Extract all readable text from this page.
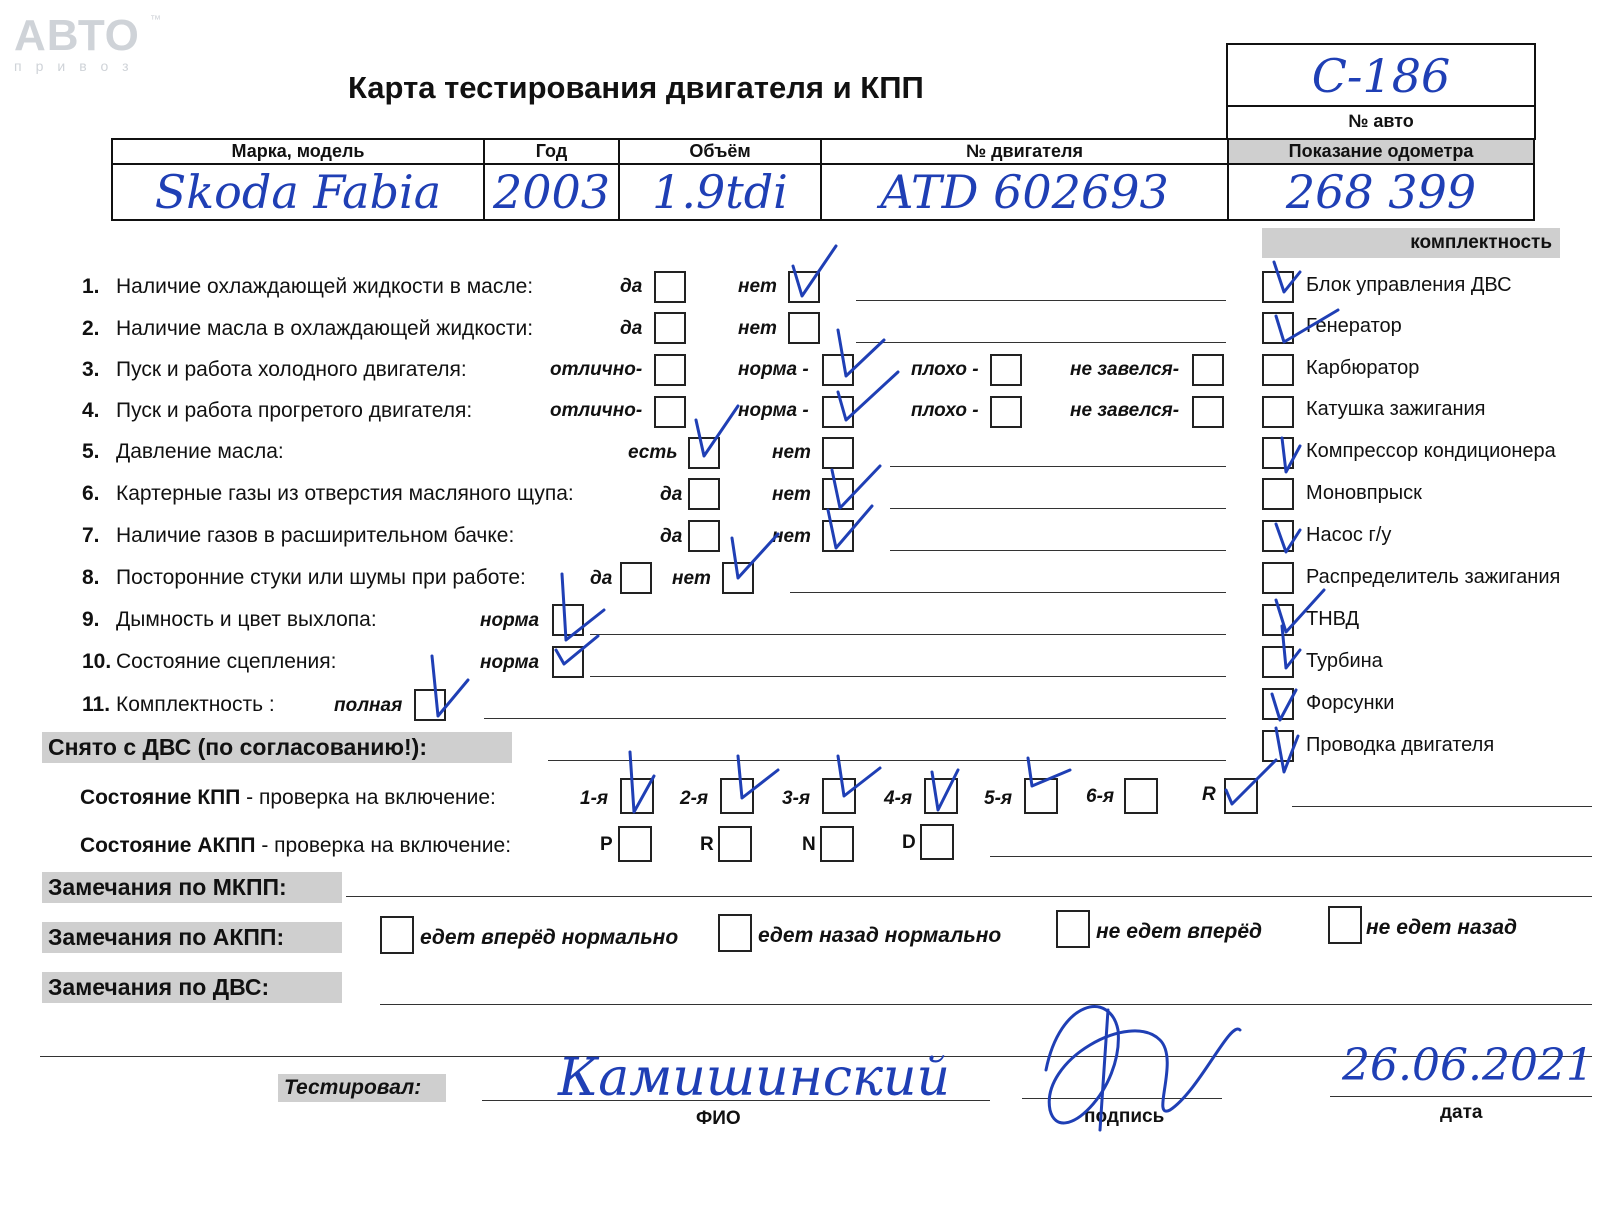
АВТО
привоз
™
Карта тестирования двигателя и КПП	С-186
№ авто
Марка, модель	Год	Объём	№ двигателя	Показание одометра
Skoda Fabia	2003	1.9tdi	ATD 602693	268 399
комплектность
1. Наличие охлаждающей жидкости в масле:	да	нет
2. Наличие масла в охлаждающей жидкости:	да	нет
3. Пуск и работа холодного двигателя:	отлично-	норма -	плохо -	не завелся-
4. Пуск и работа прогретого двигателя:	отлично-	норма -	плохо -	не завелся-
5. Давление масла:	есть	нет
6. Картерные газы из отверстия масляного щупа:	да	нет
7. Наличие газов в расширительном бачке:	да	нет
8. Посторонние стуки или шумы при работе:	да	нет
9. Дымность и цвет выхлопа:	норма
10. Состояние сцепления:	норма
11. Комплектность :	полная
Блок управления ДВС
Генератор
Карбюратор
Катушка зажигания
Компрессор кондиционера
Моновпрыск
Насос г/у
Распределитель зажигания
ТНВД
Турбина
Форсунки
Проводка двигателя
Снято с ДВС (по согласованию!):
Состояние КПП - проверка на включение:	1-я	2-я	3-я	4-я	5-я	6-я	R
Состояние АКПП - проверка на включение:	P	R	N	D
Замечания по МКПП:
Замечания по АКПП:	едет вперёд нормально	едет назад нормально	не едет вперёд	не едет назад
Замечания по ДВС:
Тестировал:	Камишинский
ФИО	подпись
26.06.2021
дата
